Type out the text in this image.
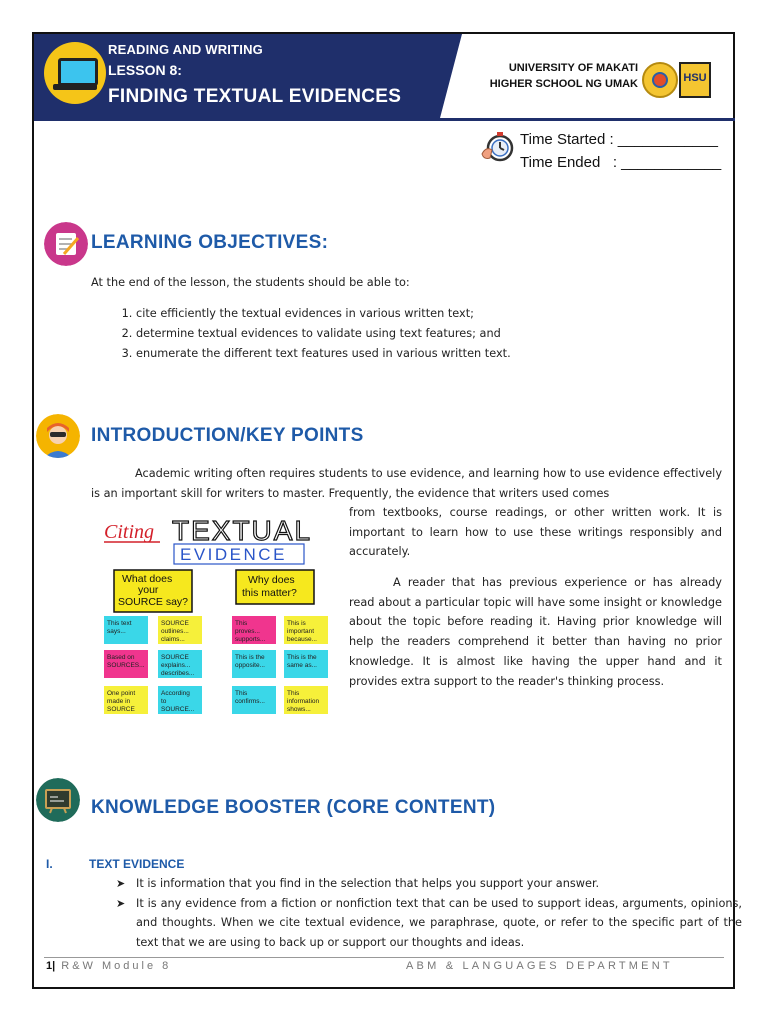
READING AND WRITING
LESSON 8:
FINDING TEXTUAL EVIDENCES
UNIVERSITY OF MAKATI
HIGHER SCHOOL NG UMAK	HSU
Time Started : ____________
Time Ended   : ____________
LEARNING OBJECTIVES:
At the end of the lesson, the students should be able to:
1. cite efficiently the textual evidences in various written text;
2. determine textual evidences to validate using text features; and
3. enumerate the different text features used in various written text.
INTRODUCTION/KEY POINTS
Academic writing often requires students to use evidence, and learning how to use evidence effectively is an important skill for writers to master. Frequently, the evidence that writers used comes
from textbooks, course readings, or other written work. It is important to learn how to use these writings responsibly and accurately.
A reader that has previous experience or has already read about a particular topic will have some insight or knowledge about the topic before reading it. Having prior knowledge will help the readers comprehend it better than having no prior knowledge. It is almost like having the upper hand and it provides extra support to the reader's thinking process.
Citing TEXTUAL
EVIDENCE
What does
your
SOURCE say?
Why does
this matter?
This text
says...
SOURCE
outlines...
claims...
This
proves...
supports...
This is
important
because...
Based on
SOURCES...
SOURCE
explains...
describes...
This is the
opposite...
This is the
same as...
One point
made in
SOURCE
According
to
SOURCE...
This
confirms...
This
information
shows...
KNOWLEDGE BOOSTER (CORE CONTENT)
I.	TEXT EVIDENCE
➤ It is information that you find in the selection that helps you support your answer.
➤ It is any evidence from a fiction or nonfiction text that can be used to support ideas, arguments, opinions, and thoughts. When we cite textual evidence, we paraphrase, quote, or refer to the specific part of the text that we are using to back up or support our thoughts and ideas.
1| R&W Module 8	ABM & LANGUAGES DEPARTMENT
